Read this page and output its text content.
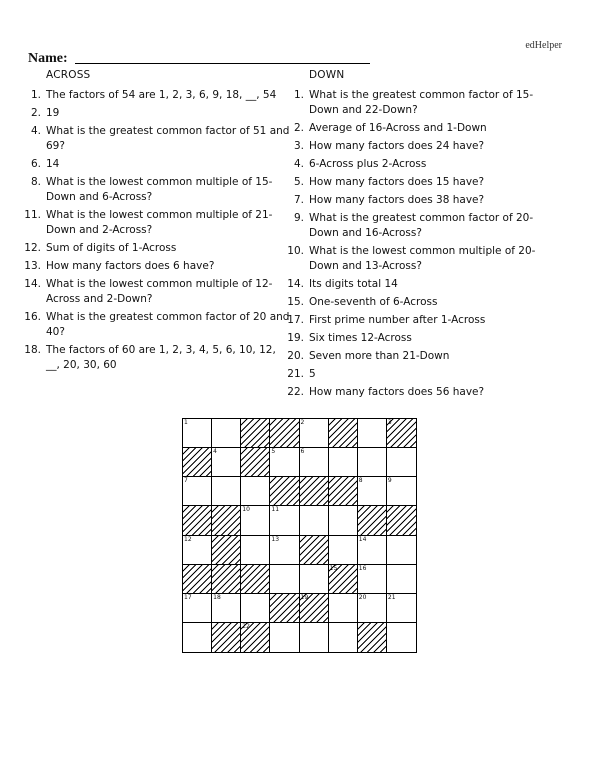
edHelper
Name:
ACROSS	DOWN
1. The factors of 54 are 1, 2, 3, 6, 9, 18, __, 54
2. 19
4. What is the greatest common factor of 51 and 69?
6. 14
8. What is the lowest common multiple of 15-Down and 6-Across?
11. What is the lowest common multiple of 21-Down and 2-Across?
12. Sum of digits of 1-Across
13. How many factors does 6 have?
14. What is the lowest common multiple of 12-Across and 2-Down?
16. What is the greatest common factor of 20 and 40?
18. The factors of 60 are 1, 2, 3, 4, 5, 6, 10, 12, __, 20, 30, 60
1. What is the greatest common factor of 15-Down and 22-Down?
2. Average of 16-Across and 1-Down
3. How many factors does 24 have?
4. 6-Across plus 2-Across
5. How many factors does 15 have?
7. How many factors does 38 have?
9. What is the greatest common factor of 20-Down and 16-Across?
10. What is the lowest common multiple of 20-Down and 13-Across?
14. Its digits total 14
15. One-seventh of 6-Across
17. First prime number after 1-Across
19. Six times 12-Across
20. Seven more than 21-Down
21. 5
22. How many factors does 56 have?
1	2	3
4	5	6
7	8	9
10	11
12	13	14
15	16
17	18	19	20	21
22
